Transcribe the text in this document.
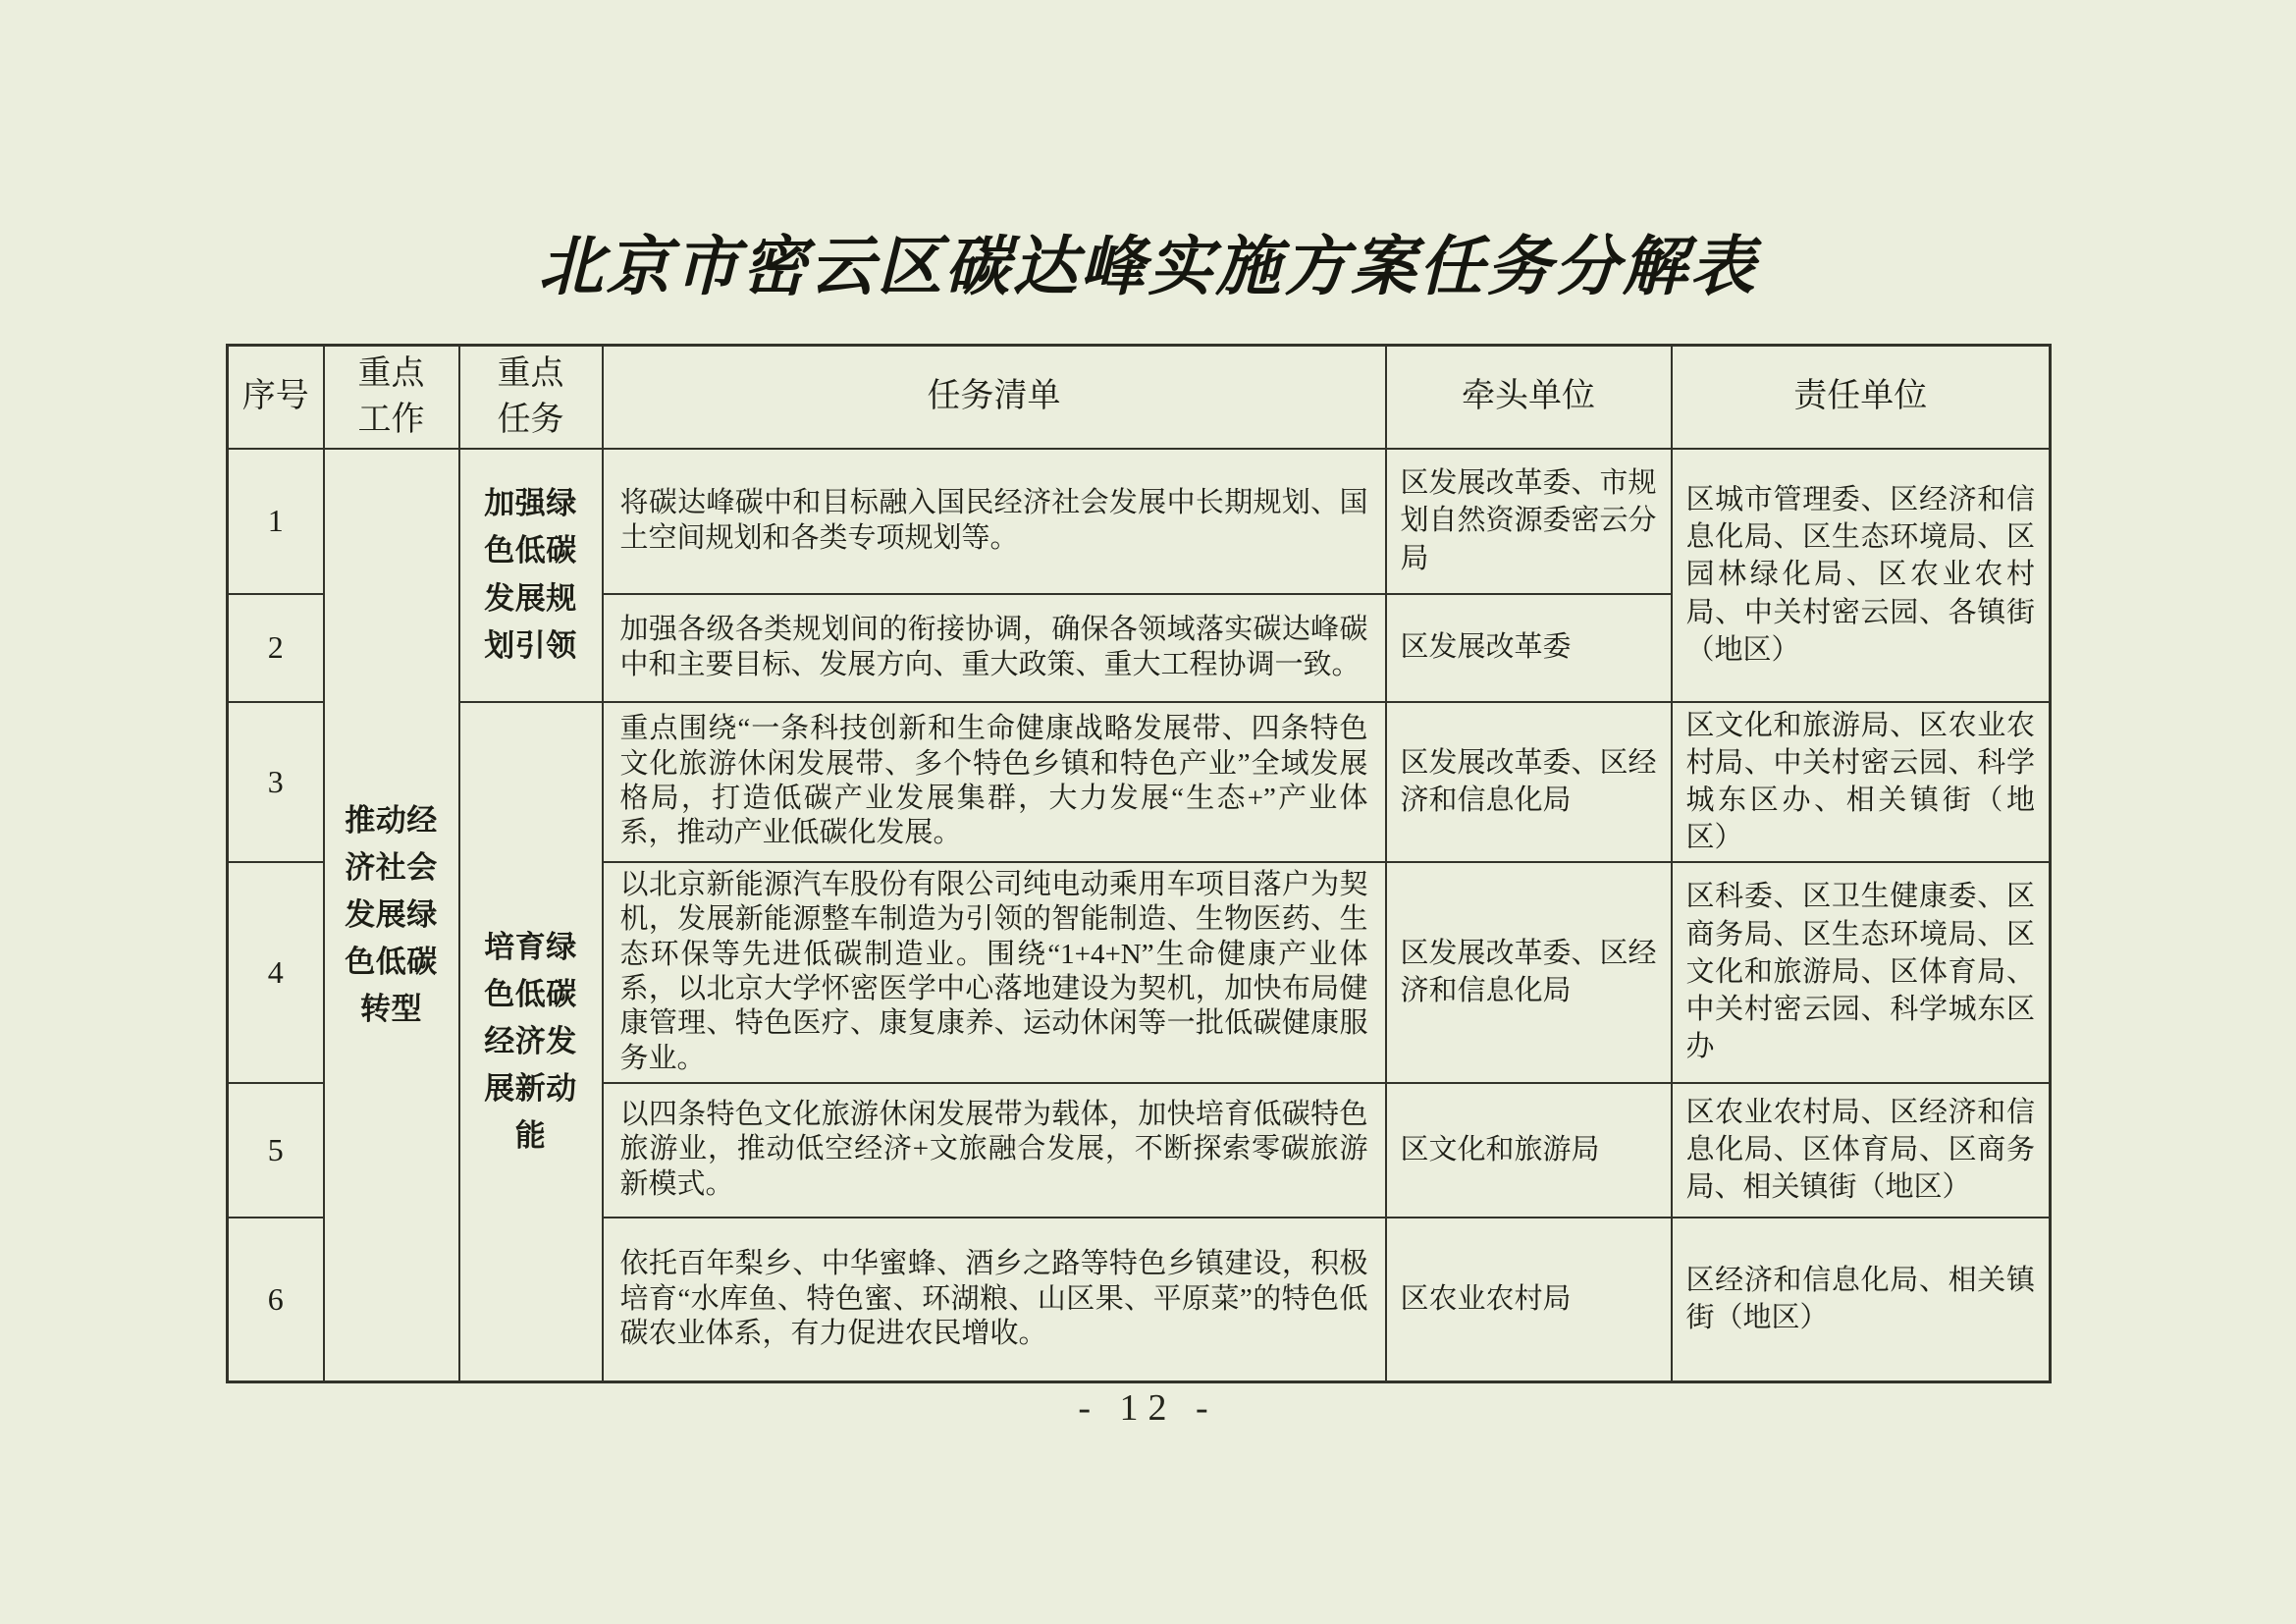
北京市密云区碳达峰实施方案任务分解表
序号	重点工作	重点任务	任务清单	牵头单位	责任单位
1	推动经济社会发展绿色低碳转型	加强绿色低碳发展规划引领	将碳达峰碳中和目标融入国民经济社会发展中长期规划、国土空间规划和各类专项规划等。	区发展改革委、市规划自然资源委密云分局	区城市管理委、区经济和信息化局、区生态环境局、区园林绿化局、区农业农村局、中关村密云园、各镇街（地区）
2			加强各级各类规划间的衔接协调，确保各领域落实碳达峰碳中和主要目标、发展方向、重大政策、重大工程协调一致。	区发展改革委	
3		培育绿色低碳经济发展新动能	重点围绕“一条科技创新和生命健康战略发展带、四条特色文化旅游休闲发展带、多个特色乡镇和特色产业”全域发展格局，打造低碳产业发展集群，大力发展“生态+”产业体系，推动产业低碳化发展。	区发展改革委、区经济和信息化局	区文化和旅游局、区农业农村局、中关村密云园、科学城东区办、相关镇街（地区）
4			以北京新能源汽车股份有限公司纯电动乘用车项目落户为契机，发展新能源整车制造为引领的智能制造、生物医药、生态环保等先进低碳制造业。围绕“1+4+N”生命健康产业体系，以北京大学怀密医学中心落地建设为契机，加快布局健康管理、特色医疗、康复康养、运动休闲等一批低碳健康服务业。	区发展改革委、区经济和信息化局	区科委、区卫生健康委、区商务局、区生态环境局、区文化和旅游局、区体育局、中关村密云园、科学城东区办
5			以四条特色文化旅游休闲发展带为载体，加快培育低碳特色旅游业，推动低空经济+文旅融合发展，不断探索零碳旅游新模式。	区文化和旅游局	区农业农村局、区经济和信息化局、区体育局、区商务局、相关镇街（地区）
6			依托百年梨乡、中华蜜蜂、酒乡之路等特色乡镇建设，积极培育“水库鱼、特色蜜、环湖粮、山区果、平原菜”的特色低碳农业体系，有力促进农民增收。	区农业农村局	区经济和信息化局、相关镇街（地区）
- 12 -
